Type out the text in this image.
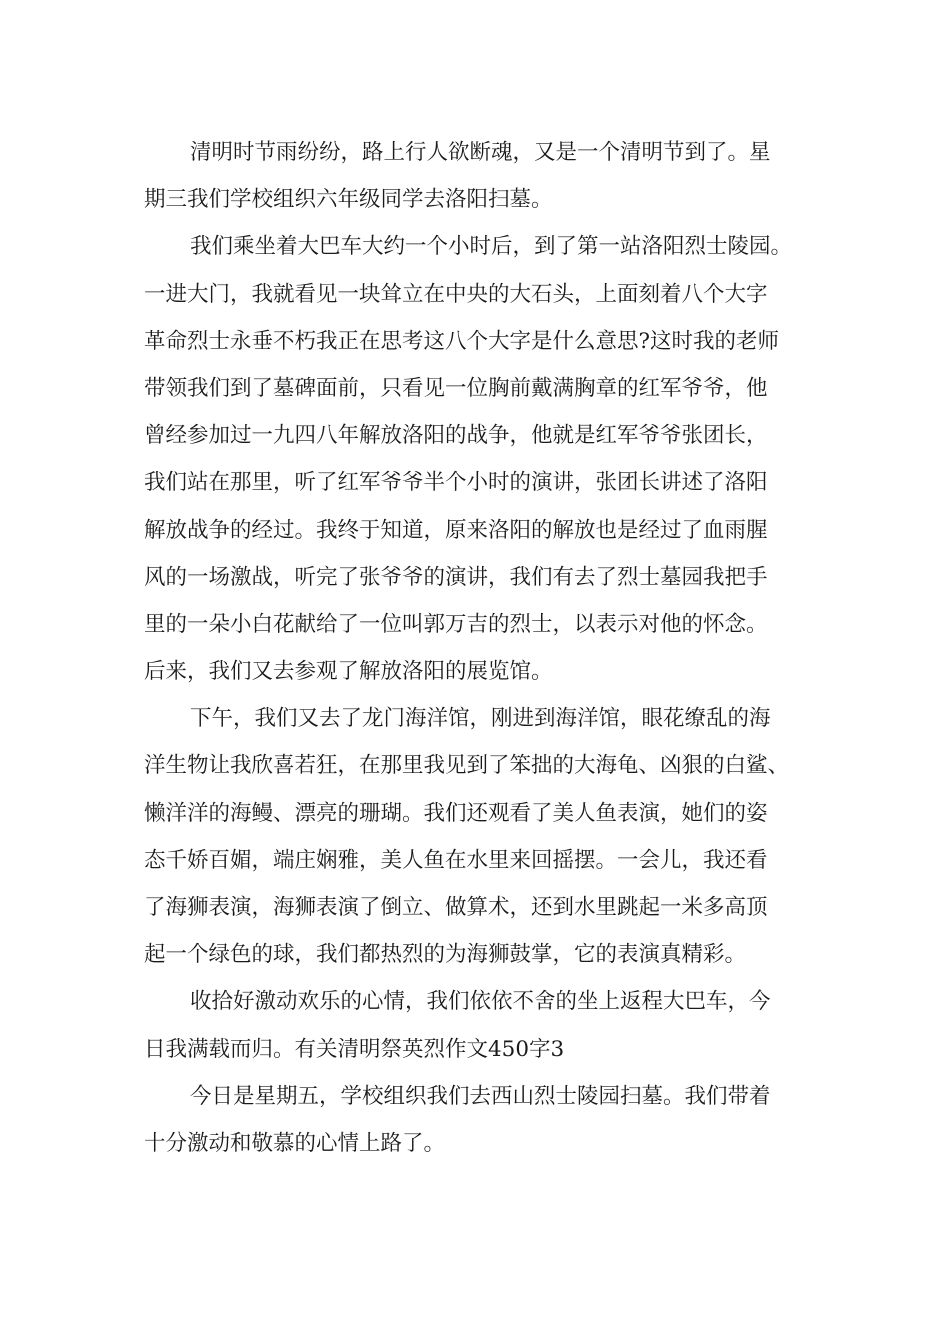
清明时节雨纷纷，路上行人欲断魂，又是一个清明节到了。星
期三我们学校组织六年级同学去洛阳扫墓。
我们乘坐着大巴车大约一个小时后，到了第一站洛阳烈士陵园。
一进大门，我就看见一块耸立在中央的大石头，上面刻着八个大字
革命烈士永垂不朽我正在思考这八个大字是什么意思?这时我的老师
带领我们到了墓碑面前，只看见一位胸前戴满胸章的红军爷爷，他
曾经参加过一九四八年解放洛阳的战争，他就是红军爷爷张团长，
我们站在那里，听了红军爷爷半个小时的演讲，张团长讲述了洛阳
解放战争的经过。我终于知道，原来洛阳的解放也是经过了血雨腥
风的一场激战，听完了张爷爷的演讲，我们有去了烈士墓园我把手
里的一朵小白花献给了一位叫郭万吉的烈士，以表示对他的怀念。
后来，我们又去参观了解放洛阳的展览馆。
下午，我们又去了龙门海洋馆，刚进到海洋馆，眼花缭乱的海
洋生物让我欣喜若狂，在那里我见到了笨拙的大海龟、凶狠的白鲨、
懒洋洋的海鳗、漂亮的珊瑚。我们还观看了美人鱼表演，她们的姿
态千娇百媚，端庄娴雅，美人鱼在水里来回摇摆。一会儿，我还看
了海狮表演，海狮表演了倒立、做算术，还到水里跳起一米多高顶
起一个绿色的球，我们都热烈的为海狮鼓掌，它的表演真精彩。
收拾好激动欢乐的心情，我们依依不舍的坐上返程大巴车，今
日我满载而归。有关清明祭英烈作文450字3
今日是星期五，学校组织我们去西山烈士陵园扫墓。我们带着
十分激动和敬慕的心情上路了。
